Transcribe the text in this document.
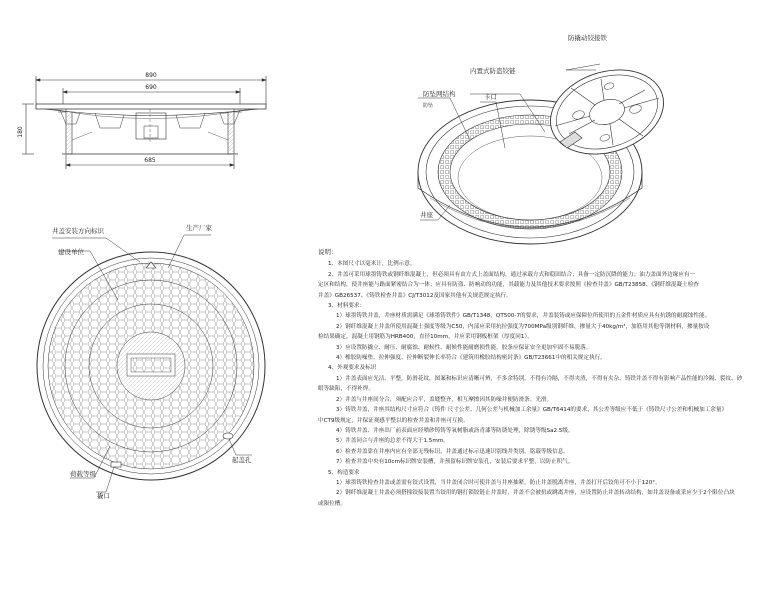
890
690
180
685
防撬动铰接铁
内置式防盗铰链
卡口
防坠网结构
防坠
井座
井盖安装方向标识	生产厂家
建设单位
起盖孔
荷载等级
撬口
说明：
1、本图尺寸以毫米计，比例示意。
2、井盖可采用球墨铸铁或钢纤维混凝土，但必须具有由方式上盖面结构，通过承载方式和稳固结合；具备一定防沉降的能力；油力盖面外边缘应有一
定区和结构，使井座能与路面紧密结合为一体；应具有防盗、防响动的功能，其载能力及其他技术要求按照《检查井盖》GB/T23858、《钢纤维混凝土检查
井盖》GB26537、《铸铁检查井盖》CJ/T3012及国家其他有关规范规定执行。
3、材料要求：
1）球墨铸铁井盖，井座材质需满足《球墨铸铁件》GB/T1348，QT500-7的要求，井盖装铸或应保障位所使用的五金件材质应具有抗锈的耐腐蚀性能。
2）钢纤维混凝土井盖所使用混凝土强度等级为C50，内部应采用抗拉强度为700MPa级别钢纤维，掺量大于40kg/m³，加筋用其他等钢材料，掺量按设
检结果确定，混凝土用钢筋为HRB400，直径10mm，并应采用钢板框架（厚度同1）。
3）应设置防撬立、耐压、耐腐蚀、耐候性、耐候性能耐磨损性能，胶条应保证安全更加牢固不易脱落。
4）橡胶防噪垫、拉伸强度、拉伸断裂伸长率符合《建筑用橡胶结构密封条》GB/T23661中的相关规定执行。
4、外观要求及标识
1）井盖表面应光洁、平整，防滑花纹，图案和标识应清晰可辨，不多余特别，不得有冷隔，不得夹渣，不得有夹杂、铸铁井盖不得有影响产品性能的冷隔、裂纹、砂
眼等缺陷，不得补焊。
2）井盖与井座间分合，须配应合平，盖缝整齐，相互摩擦因其防噪并便防滑条。光滑。
3）铸铁井盖，井座其结构尺寸应符合《铸件 尺寸公差、几何公差与机械加工余量》GB/T6414的要求，其公差等级应不低于《铸铁尺寸公差和机械加工余量》
中CT9级规定，并保证观感平整以的检查井盖和井座可互换。
4）铸铁井盖、井座出厂前表面应经喷砂铸铸等氧树脂或沥青漆等防锈处理，除锈等级Sa2.5级。
5）井盖同合与井座的总差不得大于1.5mm。
6）检查井盖靠在井座内应有全部无残标识，井盖通过标示迅速识别线井类别，铭载等级信息。
7）检查井盖中央有10cm标识牌安装槽，并预留标识牌安装孔，安装后要求平整，以防止积气。
5、构造要求
1）球墨铸铁检查井盖或盖需有铰式设置，当井盖闭合时可使井盖与井座抽紧，防止井盖脱离井座，井盖打开后铰角可不小于120°。
2）钢纤维混凝土井盖必须搭撞铰接装置当铰用的钢打锁铰链止井盖时，井盖不会被扭或跳离井座，应设置防止井盖转动结构，如井盖设备或采应少于2个限位凸块
或限位槽。
